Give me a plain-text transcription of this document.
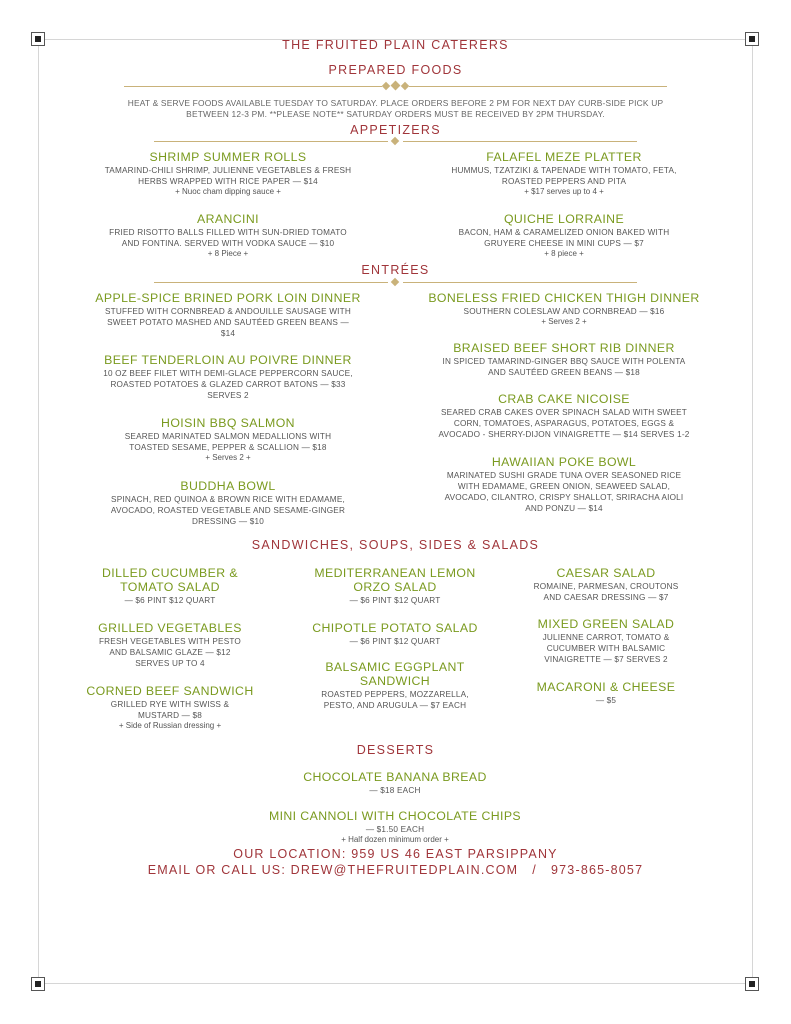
THE FRUITED PLAIN CATERERS
PREPARED FOODS
HEAT & SERVE FOODS AVAILABLE TUESDAY TO SATURDAY. PLACE ORDERS BEFORE 2 PM FOR NEXT DAY CURB-SIDE PICK UP
BETWEEN 12-3 PM. **PLEASE NOTE** SATURDAY ORDERS MUST BE RECEIVED BY 2PM THURSDAY.
APPETIZERS
SHRIMP SUMMER ROLLS
TAMARIND-CHILI SHRIMP, JULIENNE VEGETABLES & FRESH
HERBS WRAPPED WITH RICE PAPER — $14
+ Nuoc cham dipping sauce +
FALAFEL MEZE PLATTER
HUMMUS, TZATZIKI & TAPENADE WITH TOMATO, FETA,
ROASTED PEPPERS AND PITA
+ $17 serves up to 4 +
ARANCINI
FRIED RISOTTO BALLS FILLED WITH SUN-DRIED TOMATO
AND FONTINA. SERVED WITH VODKA SAUCE — $10
+ 8 Piece +
QUICHE LORRAINE
BACON, HAM & CARAMELIZED ONION BAKED WITH
GRUYERE CHEESE IN MINI CUPS — $7
+ 8 piece +
ENTRÉES
APPLE-SPICE BRINED PORK LOIN DINNER
STUFFED WITH CORNBREAD & ANDOUILLE SAUSAGE WITH
SWEET POTATO MASHED AND SAUTÉED GREEN BEANS —
$14
BONELESS FRIED CHICKEN THIGH DINNER
SOUTHERN COLESLAW AND CORNBREAD — $16
+ Serves 2 +
BEEF TENDERLOIN AU POIVRE DINNER
10 OZ BEEF FILET WITH DEMI-GLACE PEPPERCORN SAUCE,
ROASTED POTATOES & GLAZED CARROT BATONS — $33
SERVES 2
BRAISED BEEF SHORT RIB DINNER
IN SPICED TAMARIND-GINGER BBQ SAUCE WITH POLENTA
AND SAUTÉED GREEN BEANS — $18
HOISIN BBQ SALMON
SEARED MARINATED SALMON MEDALLIONS WITH
TOASTED SESAME, PEPPER & SCALLION — $18
+ Serves 2 +
CRAB CAKE NICOISE
SEARED CRAB CAKES OVER SPINACH SALAD WITH SWEET
CORN, TOMATOES, ASPARAGUS, POTATOES, EGGS &
AVOCADO - SHERRY-DIJON VINAIGRETTE — $14 SERVES 1-2
BUDDHA BOWL
SPINACH, RED QUINOA & BROWN RICE WITH EDAMAME,
AVOCADO, ROASTED VEGETABLE AND SESAME-GINGER
DRESSING — $10
HAWAIIAN POKE BOWL
MARINATED SUSHI GRADE TUNA OVER SEASONED RICE
WITH EDAMAME, GREEN ONION, SEAWEED SALAD,
AVOCADO, CILANTRO, CRISPY SHALLOT, SRIRACHA AIOLI
AND PONZU — $14
SANDWICHES, SOUPS, SIDES & SALADS
DILLED CUCUMBER &
TOMATO SALAD
— $6 PINT $12 QUART
MEDITERRANEAN LEMON
ORZO SALAD
— $6 PINT $12 QUART
CAESAR SALAD
ROMAINE, PARMESAN, CROUTONS
AND CAESAR DRESSING — $7
GRILLED VEGETABLES
FRESH VEGETABLES WITH PESTO
AND BALSAMIC GLAZE — $12
SERVES UP TO 4
CHIPOTLE POTATO SALAD
— $6 PINT $12 QUART
MIXED GREEN SALAD
JULIENNE CARROT, TOMATO &
CUCUMBER WITH BALSAMIC
VINAIGRETTE — $7 SERVES 2
BALSAMIC EGGPLANT
SANDWICH
ROASTED PEPPERS, MOZZARELLA,
PESTO, AND ARUGULA — $7 EACH
MACARONI & CHEESE
— $5
CORNED BEEF SANDWICH
GRILLED RYE WITH SWISS &
MUSTARD — $8
+ Side of Russian dressing +
DESSERTS
CHOCOLATE BANANA BREAD
— $18 EACH
MINI CANNOLI WITH CHOCOLATE CHIPS
— $1.50 EACH
+ Half dozen minimum order +
OUR LOCATION: 959 US 46 EAST PARSIPPANY
EMAIL OR CALL US: DREW@THEFRUITEDPLAIN.COM   /   973-865-8057
